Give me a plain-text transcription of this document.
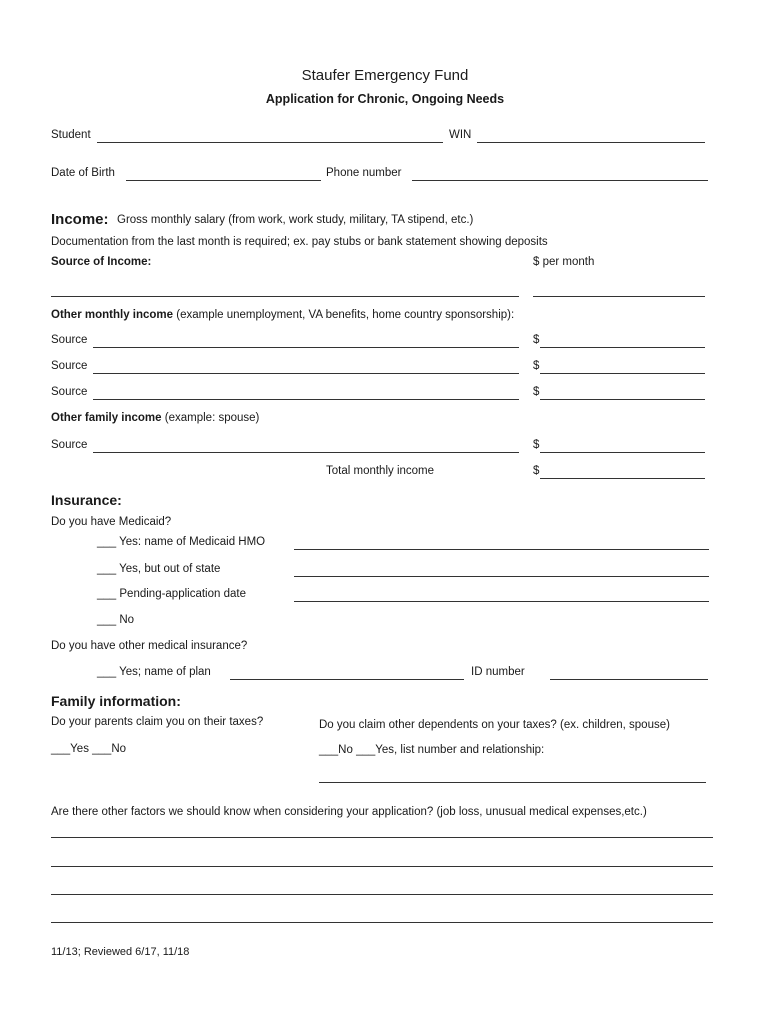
Staufer Emergency Fund
Application for Chronic, Ongoing Needs
Student	WIN
Date of Birth	Phone number
Income: Gross monthly salary (from work, work study, military, TA stipend, etc.)
Documentation from the last month is required; ex. pay stubs or bank statement showing deposits
Source of Income:	$ per month
Other monthly income (example unemployment, VA benefits, home country sponsorship):
Source	$
Source	$
Source	$
Other family income (example: spouse)
Source	$
Total monthly income	$
Insurance:
Do you have Medicaid?
___ Yes: name of Medicaid HMO
___ Yes, but out of state
___ Pending-application date
___ No
Do you have other medical insurance?
___ Yes; name of plan	ID number
Family information:
Do your parents claim you on their taxes?	Do you claim other dependents on your taxes? (ex. children, spouse)
___Yes ___No	___No ___Yes, list number and relationship:
Are there other factors we should know when considering your application? (job loss, unusual medical expenses,etc.)
11/13; Reviewed 6/17, 11/18
